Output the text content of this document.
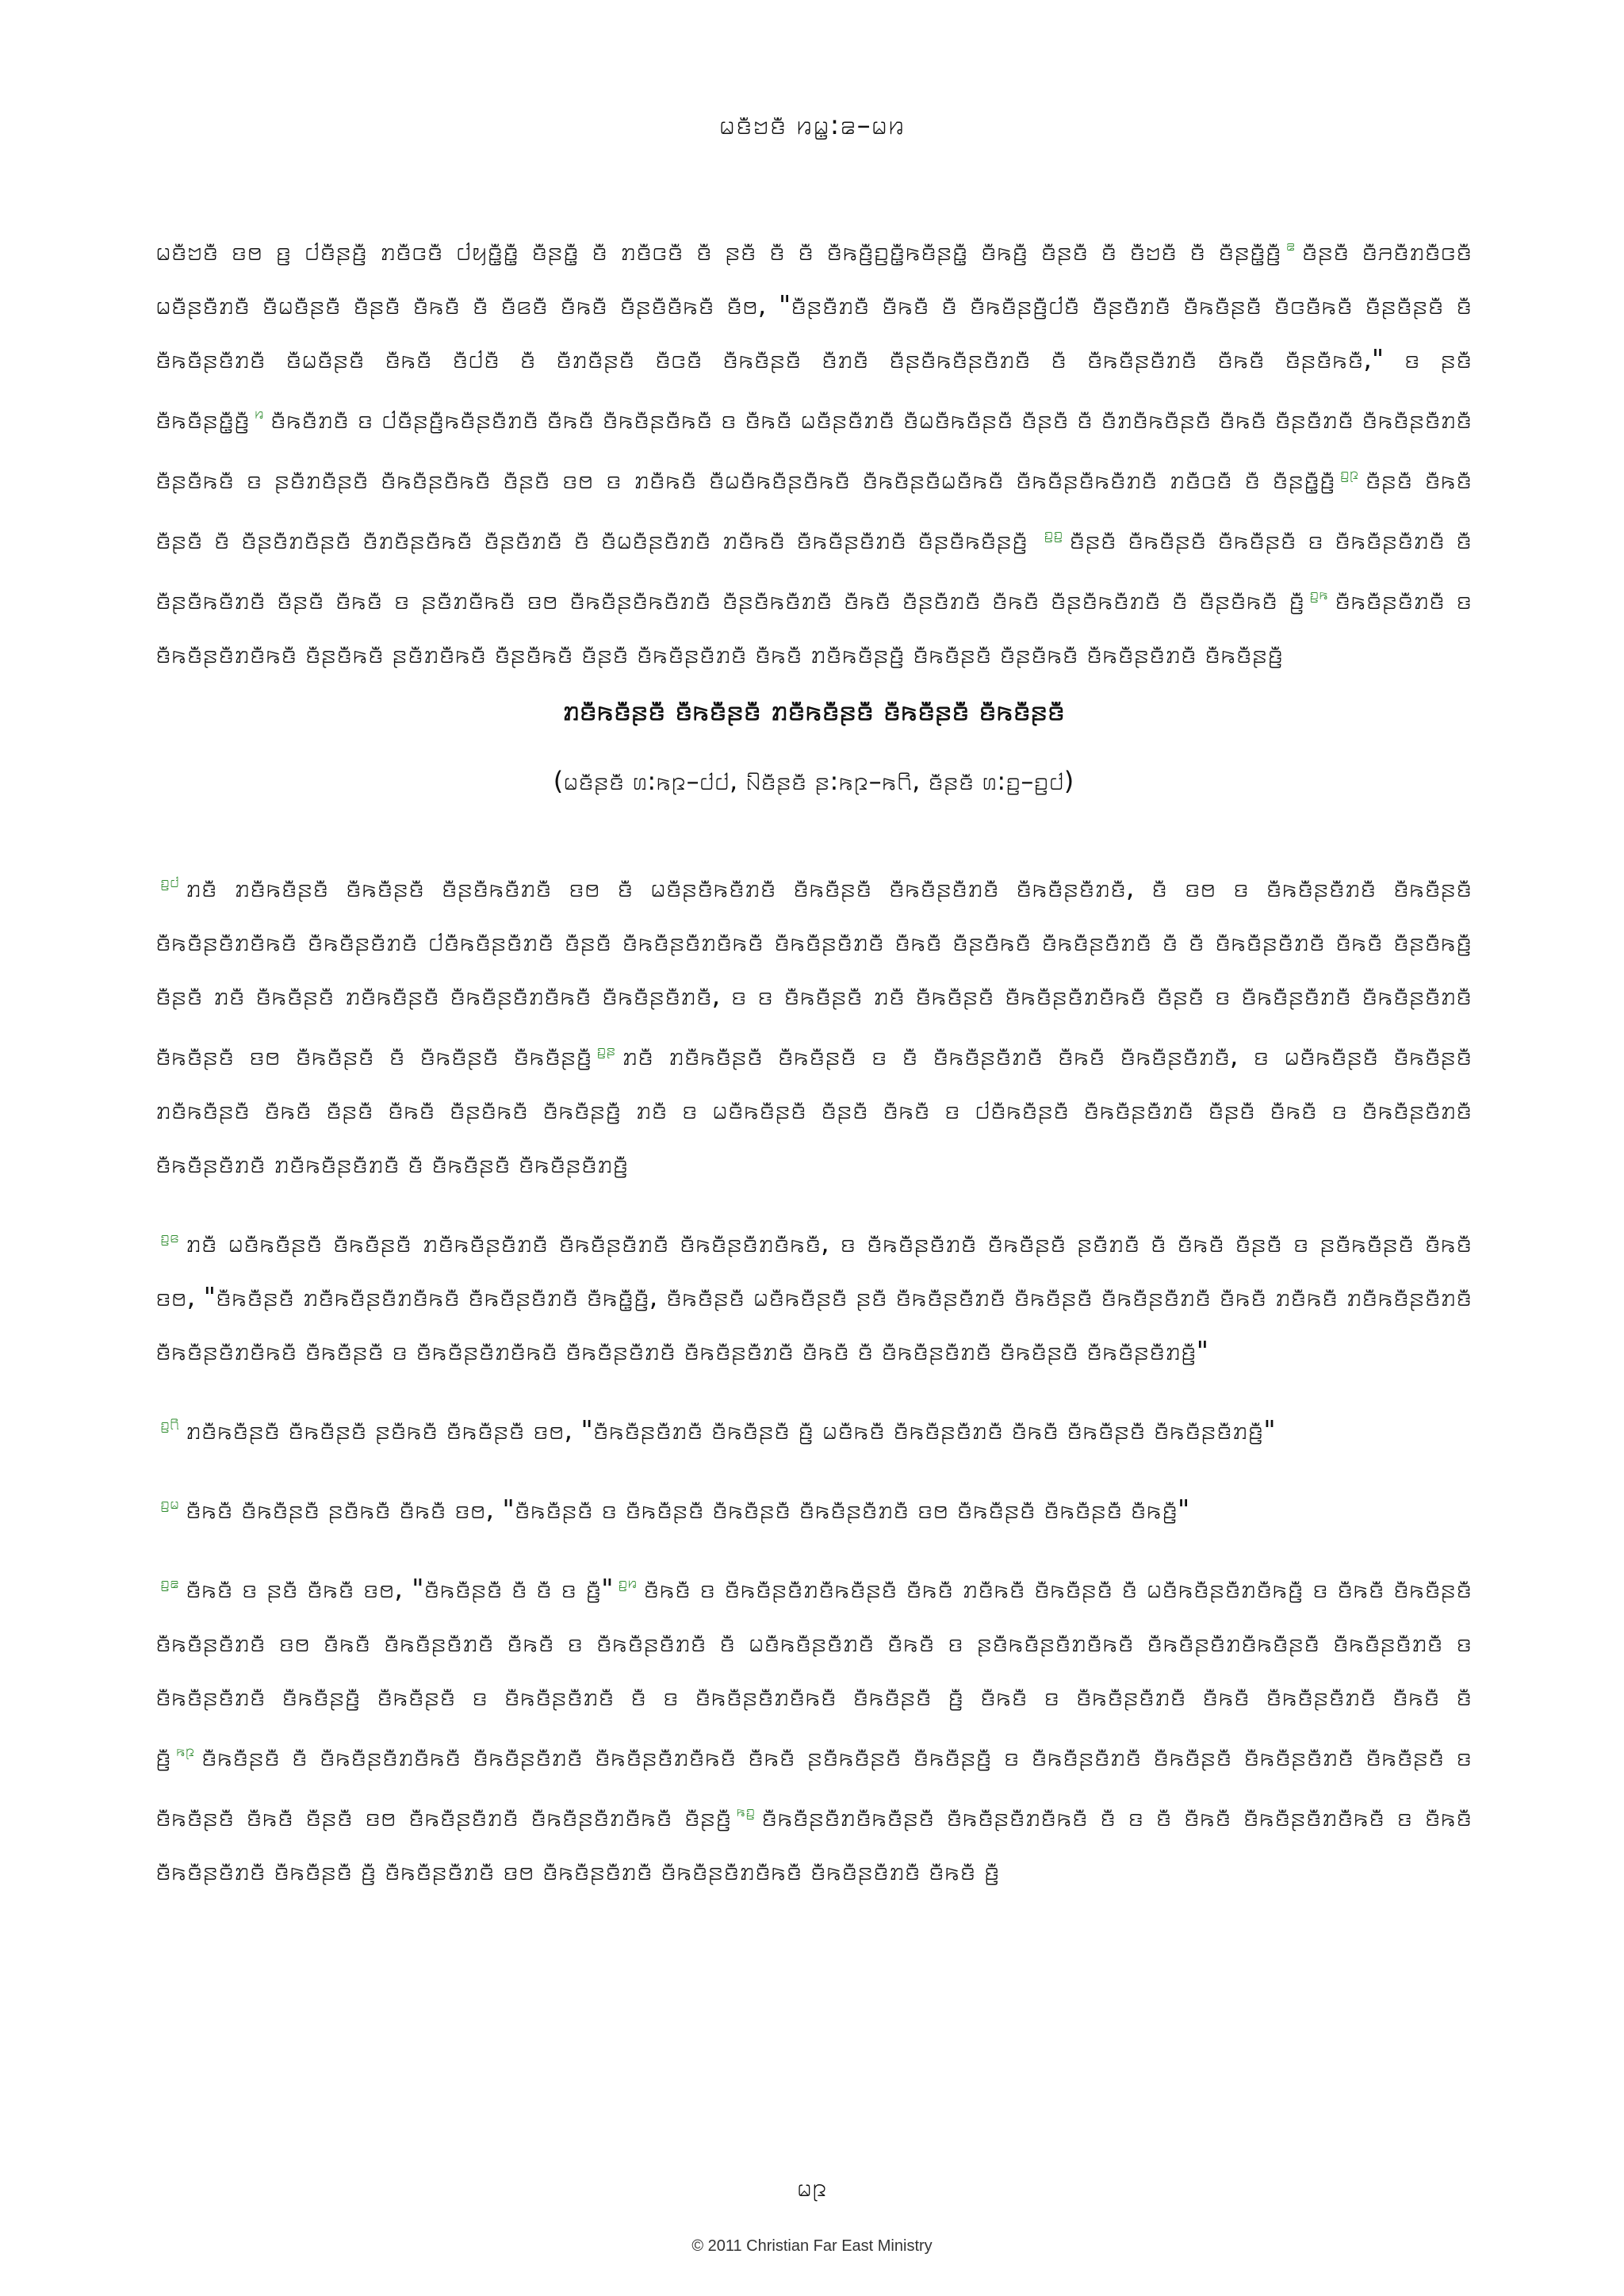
ꤗꤢꤪꤠꤢꤪ ꤙꤗ꤭:ꤘ–ꤗꤙ

ꤗꤢꤪꤠꤢꤪ ꤢꤥ ꤢ꤬ ꤓꤢꤪꤔꤢꤪ꤬ ꤊꤢꤪꤍꤢꤪ ꤓꤟꤢꤪ꤭ꤢꤪ꤭ ꤢꤪꤔꤢꤪ꤭ ꤢꤪ ꤊꤢꤪꤍꤢꤪ ꤢꤪ ꤔꤢꤪ ꤢꤪ ꤢꤪ ꤢꤪꤒꤢꤪ꤬ꤑꤢꤪ꤭ꤒꤢꤪꤔꤢꤪ꤭ ꤢꤪꤒꤢꤪ꤬ ꤢꤪꤔꤢꤪ ꤢꤪ ꤢꤪꤠꤢꤪ ꤢꤪ ꤢꤪꤔꤢꤪ꤭ꤢꤪ꤬ $^ꤘ$ ꤢꤪꤔꤢꤪ ꤢꤪꤏꤢꤪꤊꤢꤪꤍꤢꤪ ꤗꤢꤪꤔꤢꤪꤊꤢꤪ ꤢꤪꤗꤢꤪꤔꤢꤪ ꤢꤪꤔꤢꤪ ꤢꤪꤒꤢꤪ ꤢꤪ ꤢꤪꤕꤢꤪ ꤢꤪꤒꤢꤪ ꤢꤪꤔꤢꤪꤢꤪꤒꤢꤪ ꤢꤪꤥ, "ꤢꤪꤔꤢꤪꤊꤢꤪ ꤢꤪꤒꤢꤪ ꤢꤪ ꤢꤪꤒꤢꤪꤔꤢꤪ꤬ꤓꤢꤪ ꤢꤪꤔꤢꤪꤊꤢꤪ ꤢꤪꤒꤢꤪꤔꤢꤪ ꤢꤪꤍꤢꤪꤒꤢꤪ ꤢꤪꤔꤢꤪꤔꤢꤪ ꤢꤪ ꤢꤪꤒꤢꤪꤔꤢꤪꤊꤢꤪ ꤢꤪꤗꤢꤪꤔꤢꤪ ꤢꤪꤒꤢꤪ ꤢꤪꤓꤢꤪ ꤢꤪ ꤢꤪꤊꤢꤪꤔꤢꤪ ꤢꤪꤍꤢꤪ ꤢꤪꤒꤢꤪꤔꤢꤪ ꤢꤪꤊꤢꤪ ꤢꤪꤔꤢꤪꤒꤢꤪꤔꤢꤪꤊꤢꤪ ꤢꤪ ꤢꤪꤒꤢꤪꤔꤢꤪꤊꤢꤪ ꤢꤪꤒꤢꤪ ꤢꤪꤔꤢꤪꤒꤢꤪ," ꤢ ꤔꤢꤪ ꤢꤪꤒꤢꤪꤔꤢꤪ꤭ꤢꤪ꤬ $^ꤙ$ ꤢꤪꤒꤢꤪꤊꤢꤪ ꤢ ꤓꤢꤪꤔꤢꤪ꤬ꤒꤢꤪꤔꤢꤪꤊꤢꤪ ꤢꤪꤒꤢꤪ ꤢꤪꤒꤢꤪꤔꤢꤪꤒꤢꤪ ꤢ ꤢꤪꤒꤢꤪ ꤗꤢꤪꤔꤢꤪꤊꤢꤪ ꤢꤪꤗꤢꤪꤒꤢꤪꤔꤢꤪ ꤢꤪꤔꤢꤪ ꤢꤪ ꤢꤪꤊꤢꤪꤒꤢꤪꤔꤢꤪ ꤢꤪꤒꤢꤪ ꤢꤪꤔꤢꤪꤊꤢꤪ ꤢꤪꤒꤢꤪꤔꤢꤪꤊꤢꤪ ꤢꤪꤔꤢꤪꤒꤢꤪ ꤢ ꤔꤢꤪꤊꤢꤪꤔꤢꤪ ꤢꤪꤒꤢꤪꤔꤢꤪꤒꤢꤪ ꤢꤪꤔꤢꤪ ꤢꤥ ꤢ ꤊꤢꤪꤒꤢꤪ ꤢꤪꤗꤢꤪꤒꤢꤪꤔꤢꤪꤒꤢꤪ ꤢꤪꤒꤢꤪꤔꤢꤪꤗꤢꤪꤒꤢꤪ ꤢꤪꤒꤢꤪꤔꤢꤪꤒꤢꤪꤊꤢꤪ ꤊꤢꤪꤍꤢꤪ ꤢꤪ ꤢꤪꤔꤢꤪ꤭ꤢꤪ꤬ $^{ꤑꤐ}$ ꤢꤪꤔꤢꤪ ꤢꤪꤒꤢꤪ ꤢꤪꤔꤢꤪ ꤢꤪ ꤢꤪꤔꤢꤪꤊꤢꤪꤔꤢꤪ ꤢꤪꤊꤢꤪꤔꤢꤪꤒꤢꤪ ꤢꤪꤔꤢꤪꤊꤢꤪ ꤢꤪ ꤢꤪꤗꤢꤪꤔꤢꤪꤊꤢꤪ ꤊꤢꤪꤒꤢꤪ ꤢꤪꤒꤢꤪꤔꤢꤪꤊꤢꤪ ꤢꤪꤔꤢꤪꤒꤢꤪꤔꤢꤪ꤬ $^{ꤑꤑ}$ ꤢꤪꤔꤢꤪ ꤢꤪꤒꤢꤪꤔꤢꤪ ꤢꤪꤒꤢꤪꤔꤢꤪ ꤢ ꤢꤪꤒꤢꤪꤔꤢꤪꤊꤢꤪ ꤢꤪ ꤢꤪꤔꤢꤪꤒꤢꤪꤊꤢꤪ ꤢꤪꤔꤢꤪ ꤢꤪꤒꤢꤪ ꤢ ꤔꤢꤪꤊꤢꤪꤒꤢꤪ ꤢꤥ ꤢꤪꤒꤢꤪꤔꤢꤪꤒꤢꤪꤊꤢꤪ ꤢꤪꤔꤢꤪꤒꤢꤪꤊꤢꤪ ꤢꤪꤒꤢꤪ ꤢꤪꤔꤢꤪꤊꤢꤪ ꤢꤪꤒꤢꤪ ꤢꤪꤔꤢꤪꤒꤢꤪꤊꤢꤪ ꤢꤪ ꤢꤪꤔꤢꤪꤒꤢꤪ ꤢꤪ꤬ $^{ꤑꤒ}$ ꤢꤪꤒꤢꤪꤔꤢꤪꤊꤢꤪ ꤢ ꤢꤪꤒꤢꤪꤔꤢꤪꤊꤢꤪꤒꤢꤪ ꤢꤪꤔꤢꤪꤒꤢꤪ ꤔꤢꤪꤊꤢꤪꤒꤢꤪ ꤢꤪꤔꤢꤪꤒꤢꤪ ꤢꤪꤔꤢꤪ ꤢꤪꤒꤢꤪꤔꤢꤪꤊꤢꤪ ꤢꤪꤒꤢꤪ ꤊꤢꤪꤒꤢꤪꤔꤢꤪ꤬ ꤢꤪꤒꤢꤪꤔꤢꤪ ꤢꤪꤔꤢꤪꤒꤢꤪ ꤢꤪꤒꤢꤪꤔꤢꤪꤊꤢꤪ ꤢꤪꤒꤢꤪꤔꤢꤪ꤬

ꤊꤢꤪꤒꤢꤪꤔꤢꤪ ꤢꤪꤒꤢꤪꤔꤢꤪ ꤊꤢꤪꤒꤢꤪꤔꤢꤪ ꤢꤪꤒꤢꤪꤔꤢꤪ ꤢꤪꤒꤢꤪꤔꤢꤪ
(ꤗꤢꤪꤔꤢꤪ ꤛ:ꤒꤐ–ꤓꤓ, ꤡꤢꤪꤔꤢꤪ ꤔ:ꤒꤐ–ꤒꤖ, ꤢꤪꤔꤢꤪ ꤛ:ꤑ–ꤑꤓ)

$^{ꤑꤓ}$ ꤊꤢꤪ ꤊꤢꤪꤒꤢꤪꤔꤢꤪ ꤢꤪꤒꤢꤪꤔꤢꤪ ꤢꤪꤔꤢꤪꤒꤢꤪꤊꤢꤪ ꤢꤥ ꤢꤪ ꤗꤢꤪꤔꤢꤪꤒꤢꤪꤊꤢꤪ ꤢꤪꤒꤢꤪꤔꤢꤪ ꤢꤪꤒꤢꤪꤔꤢꤪꤊꤢꤪ ꤢꤪꤒꤢꤪꤔꤢꤪꤊꤢꤪ, ꤢꤪ ꤢꤥ ꤢ ꤢꤪꤒꤢꤪꤔꤢꤪꤊꤢꤪ ꤢꤪꤒꤢꤪꤔꤢꤪ ꤢꤪꤒꤢꤪꤔꤢꤪꤊꤢꤪꤒꤢꤪ ꤢꤪꤒꤢꤪꤔꤢꤪꤊꤢꤪ ꤓꤢꤪꤒꤢꤪꤔꤢꤪꤊꤢꤪ ꤢꤪꤔꤢꤪ ꤢꤪꤒꤢꤪꤔꤢꤪꤊꤢꤪꤒꤢꤪ ꤢꤪꤒꤢꤪꤔꤢꤪꤊꤢꤪ ꤢꤪꤒꤢꤪ ꤢꤪꤔꤢꤪꤒꤢꤪ ꤢꤪꤒꤢꤪꤔꤢꤪꤊꤢꤪ ꤢꤪ ꤢꤪ ꤢꤪꤒꤢꤪꤔꤢꤪꤊꤢꤪ ꤢꤪꤒꤢꤪ ꤢꤪꤔꤢꤪꤒꤢꤪ꤬ ꤢꤪꤔꤢꤪ ꤊꤢꤪ ꤢꤪꤒꤢꤪꤔꤢꤪ ꤊꤢꤪꤒꤢꤪꤔꤢꤪ ꤢꤪꤒꤢꤪꤔꤢꤪꤊꤢꤪꤒꤢꤪ ꤢꤪꤒꤢꤪꤔꤢꤪꤊꤢꤪ, ꤢ ꤢ ꤢꤪꤒꤢꤪꤔꤢꤪ ꤊꤢꤪ ꤢꤪꤒꤢꤪꤔꤢꤪ ꤢꤪꤒꤢꤪꤔꤢꤪꤊꤢꤪꤒꤢꤪ ꤢꤪꤔꤢꤪ ꤢ ꤢꤪꤒꤢꤪꤔꤢꤪꤊꤢꤪ ꤢꤪꤒꤢꤪꤔꤢꤪꤊꤢꤪ ꤢꤪꤒꤢꤪꤔꤢꤪ ꤢꤥ ꤢꤪꤒꤢꤪꤔꤢꤪ ꤢꤪ ꤢꤪꤒꤢꤪꤔꤢꤪ ꤢꤪꤒꤢꤪꤔꤢꤪ꤬ $^{ꤑꤔ}$ ꤊꤢꤪ ꤊꤢꤪꤒꤢꤪꤔꤢꤪ ꤢꤪꤒꤢꤪꤔꤢꤪ ꤢ ꤢꤪ ꤢꤪꤒꤢꤪꤔꤢꤪꤊꤢꤪ ꤢꤪꤒꤢꤪ ꤢꤪꤒꤢꤪꤔꤢꤪꤊꤢꤪ, ꤢ ꤗꤢꤪꤒꤢꤪꤔꤢꤪ ꤢꤪꤒꤢꤪꤔꤢꤪ ꤊꤢꤪꤒꤢꤪꤔꤢꤪ ꤢꤪꤒꤢꤪ ꤢꤪꤔꤢꤪ ꤢꤪꤒꤢꤪ ꤢꤪꤔꤢꤪꤒꤢꤪ ꤢꤪꤒꤢꤪꤔꤢꤪ꤬ ꤊꤢꤪ ꤢ ꤗꤢꤪꤒꤢꤪꤔꤢꤪ ꤢꤪꤔꤢꤪ ꤢꤪꤒꤢꤪ ꤢ ꤓꤢꤪꤒꤢꤪꤔꤢꤪ ꤢꤪꤒꤢꤪꤔꤢꤪꤊꤢꤪ ꤢꤪꤔꤢꤪ ꤢꤪꤒꤢꤪ ꤢ ꤢꤪꤒꤢꤪꤔꤢꤪꤊꤢꤪ ꤢꤪꤒꤢꤪꤔꤢꤪꤊꤢꤪ ꤊꤢꤪꤒꤢꤪꤔꤢꤪꤊꤢꤪ ꤢꤪ ꤢꤪꤒꤢꤪꤔꤢꤪ ꤢꤪꤒꤢꤪꤔꤢꤪꤊꤢꤪ꤬

$^{ꤑꤕ}$ ꤊꤢꤪ ꤗꤢꤪꤒꤢꤪꤔꤢꤪ ꤢꤪꤒꤢꤪꤔꤢꤪ ꤊꤢꤪꤒꤢꤪꤔꤢꤪꤊꤢꤪ ꤢꤪꤒꤢꤪꤔꤢꤪꤊꤢꤪ ꤢꤪꤒꤢꤪꤔꤢꤪꤊꤢꤪꤒꤢꤪ, ꤢ ꤢꤪꤒꤢꤪꤔꤢꤪꤊꤢꤪ ꤢꤪꤒꤢꤪꤔꤢꤪ ꤔꤢꤪꤊꤢꤪ ꤢꤪ ꤢꤪꤒꤢꤪ ꤢꤪꤔꤢꤪ ꤢ ꤔꤢꤪꤒꤢꤪꤔꤢꤪ ꤢꤪꤒꤢꤪ ꤢꤥ, "ꤢꤪꤒꤢꤪꤔꤢꤪ ꤊꤢꤪꤒꤢꤪꤔꤢꤪꤊꤢꤪꤒꤢꤪ ꤢꤪꤒꤢꤪꤔꤢꤪꤊꤢꤪ ꤢꤪꤒꤢꤪ꤭ꤢꤪ꤬, ꤢꤪꤒꤢꤪꤔꤢꤪ ꤗꤢꤪꤒꤢꤪꤔꤢꤪ ꤔꤢꤪ ꤢꤪꤒꤢꤪꤔꤢꤪꤊꤢꤪ ꤢꤪꤒꤢꤪꤔꤢꤪ ꤢꤪꤒꤢꤪꤔꤢꤪꤊꤢꤪ ꤢꤪꤒꤢꤪ ꤊꤢꤪꤒꤢꤪ ꤊꤢꤪꤒꤢꤪꤔꤢꤪꤊꤢꤪ ꤢꤪꤒꤢꤪꤔꤢꤪꤊꤢꤪꤒꤢꤪ ꤢꤪꤒꤢꤪꤔꤢꤪ ꤢ ꤢꤪꤒꤢꤪꤔꤢꤪꤊꤢꤪꤒꤢꤪ ꤢꤪꤒꤢꤪꤔꤢꤪꤊꤢꤪ ꤢꤪꤒꤢꤪꤔꤢꤪꤊꤢꤪ ꤢꤪꤒꤢꤪ ꤢꤪ ꤢꤪꤒꤢꤪꤔꤢꤪꤊꤢꤪ ꤢꤪꤒꤢꤪꤔꤢꤪ ꤢꤪꤒꤢꤪꤔꤢꤪꤊꤢꤪ꤬"

$^{ꤑꤖ}$ ꤊꤢꤪꤒꤢꤪꤔꤢꤪ ꤢꤪꤒꤢꤪꤔꤢꤪ ꤔꤢꤪꤒꤢꤪ ꤢꤪꤒꤢꤪꤔꤢꤪ ꤢꤥ, "ꤢꤪꤒꤢꤪꤔꤢꤪꤊꤢꤪ ꤢꤪꤒꤢꤪꤔꤢꤪ ꤢꤪ꤬ ꤗꤢꤪꤒꤢꤪ ꤢꤪꤒꤢꤪꤔꤢꤪꤊꤢꤪ ꤢꤪꤒꤢꤪ ꤢꤪꤒꤢꤪꤔꤢꤪ ꤢꤪꤒꤢꤪꤔꤢꤪꤊꤢꤪ꤬"

$^{ꤑꤗ}$ ꤢꤪꤒꤢꤪ ꤢꤪꤒꤢꤪꤔꤢꤪ ꤔꤢꤪꤒꤢꤪ ꤢꤪꤒꤢꤪ ꤢꤥ, "ꤢꤪꤒꤢꤪꤔꤢꤪ ꤢ ꤢꤪꤒꤢꤪꤔꤢꤪ ꤢꤪꤒꤢꤪꤔꤢꤪ ꤢꤪꤒꤢꤪꤔꤢꤪꤊꤢꤪ ꤢꤥ ꤢꤪꤒꤢꤪꤔꤢꤪ ꤢꤪꤒꤢꤪꤔꤢꤪ ꤢꤪꤒꤢꤪ꤬"

$^{ꤑꤘ}$ ꤢꤪꤒꤢꤪ ꤢ ꤔꤢꤪ ꤢꤪꤒꤢꤪ ꤢꤥ, "ꤢꤪꤒꤢꤪꤔꤢꤪ ꤢꤪ ꤢꤪ ꤢ ꤢꤪ꤬" $^{ꤑꤙ}$ ꤢꤪꤒꤢꤪ ꤢ ꤢꤪꤒꤢꤪꤔꤢꤪꤊꤢꤪꤒꤢꤪꤔꤢꤪ ꤢꤪꤒꤢꤪ ꤊꤢꤪꤒꤢꤪ ꤢꤪꤒꤢꤪꤔꤢꤪ ꤢꤪ ꤗꤢꤪꤒꤢꤪꤔꤢꤪꤊꤢꤪꤒꤢꤪ꤬ ꤢ ꤢꤪꤒꤢꤪ ꤢꤪꤒꤢꤪꤔꤢꤪ ꤢꤪꤒꤢꤪꤔꤢꤪꤊꤢꤪ ꤢꤥ ꤢꤪꤒꤢꤪ ꤢꤪꤒꤢꤪꤔꤢꤪꤊꤢꤪ ꤢꤪꤒꤢꤪ ꤢ ꤢꤪꤒꤢꤪꤔꤢꤪꤊꤢꤪ ꤢꤪ ꤗꤢꤪꤒꤢꤪꤔꤢꤪꤊꤢꤪ ꤢꤪꤒꤢꤪ ꤢ ꤔꤢꤪꤒꤢꤪꤔꤢꤪꤊꤢꤪꤒꤢꤪ ꤢꤪꤒꤢꤪꤔꤢꤪꤊꤢꤪꤒꤢꤪꤔꤢꤪ ꤢꤪꤒꤢꤪꤔꤢꤪꤊꤢꤪ ꤢ ꤢꤪꤒꤢꤪꤔꤢꤪꤊꤢꤪ ꤢꤪꤒꤢꤪꤔꤢꤪ꤬ ꤢꤪꤒꤢꤪꤔꤢꤪ ꤢ ꤢꤪꤒꤢꤪꤔꤢꤪꤊꤢꤪ ꤢꤪ ꤢ ꤢꤪꤒꤢꤪꤔꤢꤪꤊꤢꤪꤒꤢꤪ ꤢꤪꤒꤢꤪꤔꤢꤪ ꤢꤪ꤬ ꤢꤪꤒꤢꤪ ꤢ ꤢꤪꤒꤢꤪꤔꤢꤪꤊꤢꤪ ꤢꤪꤒꤢꤪ ꤢꤪꤒꤢꤪꤔꤢꤪꤊꤢꤪ ꤢꤪꤒꤢꤪ ꤢꤪ ꤢꤪ꤬ $^{ꤒꤐ}$ ꤢꤪꤒꤢꤪꤔꤢꤪ ꤢꤪ ꤢꤪꤒꤢꤪꤔꤢꤪꤊꤢꤪꤒꤢꤪ ꤢꤪꤒꤢꤪꤔꤢꤪꤊꤢꤪ ꤢꤪꤒꤢꤪꤔꤢꤪꤊꤢꤪꤒꤢꤪ ꤢꤪꤒꤢꤪ ꤔꤢꤪꤒꤢꤪꤔꤢꤪ ꤢꤪꤒꤢꤪꤔꤢꤪ꤬ ꤢ ꤢꤪꤒꤢꤪꤔꤢꤪꤊꤢꤪ ꤢꤪꤒꤢꤪꤔꤢꤪ ꤢꤪꤒꤢꤪꤔꤢꤪꤊꤢꤪ ꤢꤪꤒꤢꤪꤔꤢꤪ ꤢ ꤢꤪꤒꤢꤪꤔꤢꤪ ꤢꤪꤒꤢꤪ ꤢꤪꤔꤢꤪ ꤢꤥ ꤢꤪꤒꤢꤪꤔꤢꤪꤊꤢꤪ ꤢꤪꤒꤢꤪꤔꤢꤪꤊꤢꤪꤒꤢꤪ ꤢꤪꤔꤢꤪ꤬ $^{ꤒꤑ}$ ꤢꤪꤒꤢꤪꤔꤢꤪꤊꤢꤪꤒꤢꤪꤔꤢꤪ ꤢꤪꤒꤢꤪꤔꤢꤪꤊꤢꤪꤒꤢꤪ ꤢꤪ ꤢ ꤢꤪ ꤢꤪꤒꤢꤪ ꤢꤪꤒꤢꤪꤔꤢꤪꤊꤢꤪꤒꤢꤪ ꤢ ꤢꤪꤒꤢꤪ ꤢꤪꤒꤢꤪꤔꤢꤪꤊꤢꤪ ꤢꤪꤒꤢꤪꤔꤢꤪ ꤢꤪ꤬ ꤢꤪꤒꤢꤪꤔꤢꤪꤊꤢꤪ ꤢꤥ ꤢꤪꤒꤢꤪꤔꤢꤪꤊꤢꤪ ꤢꤪꤒꤢꤪꤔꤢꤪꤊꤢꤪꤒꤢꤪ ꤢꤪꤒꤢꤪꤔꤢꤪꤊꤢꤪ ꤢꤪꤒꤢꤪ ꤢꤪ꤬

ꤗꤐ
© 2011 Christian Far East Ministry
